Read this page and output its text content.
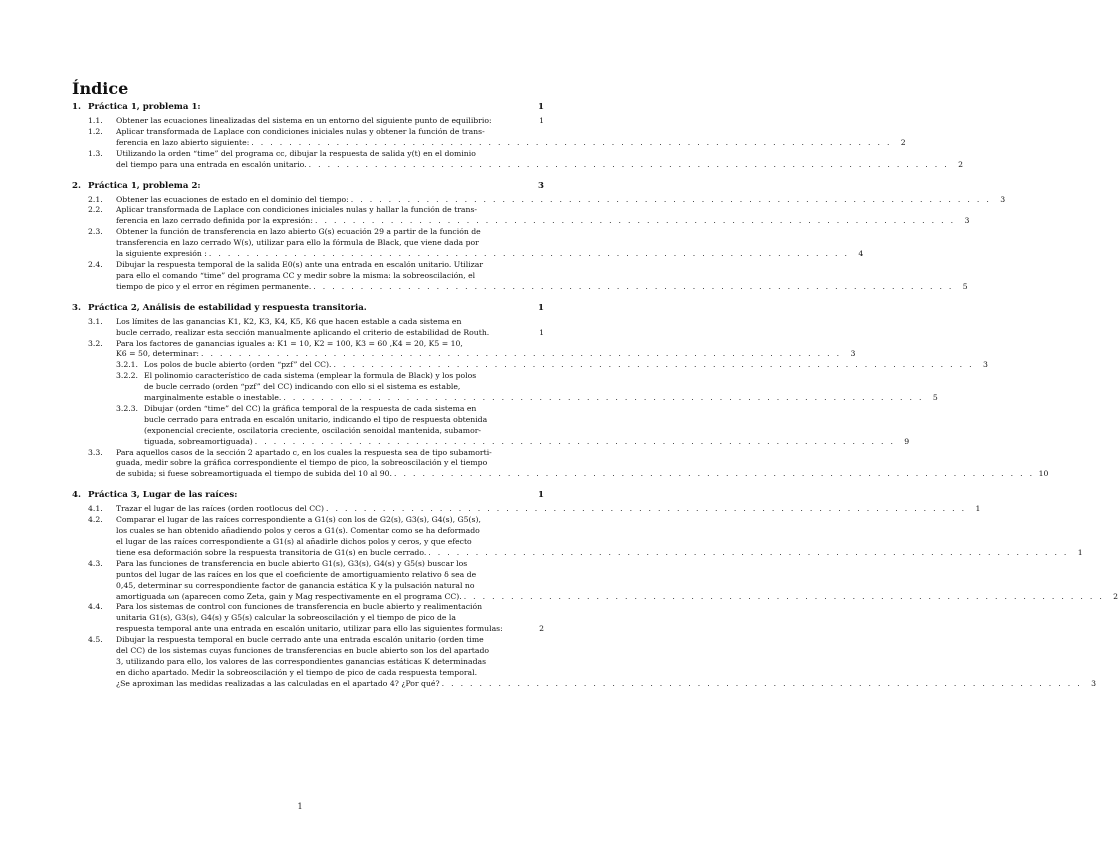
Índice
1. Práctica 1, problema 1:	1
1.1.	Obtener las ecuaciones linealizadas del sistema en un entorno del siguiente punto de equilibrio:	1
1.2.	Aplicar transformada de Laplace con condiciones iniciales nulas y obtener la función de trans-
ferencia en lazo abierto siguiente: . . . . . . . . . . . . . . . . . . . . . . . . . . . . . . . . . . . . . . . . . . . . . . . . . . . . . . . . . . . . . . . . . . . .	2
1.3.	Utilizando la orden “time” del programa cc, dibujar la respuesta de salida y(t) en el dominio
del tiempo para una entrada en escalón unitario. . . . . . . . . . . . . . . . . . . . . . . . . . . . . . . . . . . . . . . . . . . . . . . . . . . . . . . . . . . . . . . . . . . . .	2
2. Práctica 1, problema 2:	3
2.1.	Obtener las ecuaciones de estado en el dominio del tiempo: . . . . . . . . . . . . . . . . . . . . . . . . . . . . . . . . . . . . . . . . . . . . . . . . . . . . . . . . . . . . . . . . . . . .	3
2.2.	Aplicar transformada de Laplace con condiciones iniciales nulas y hallar la función de trans-
ferencia en lazo cerrado definida por la expresión: . . . . . . . . . . . . . . . . . . . . . . . . . . . . . . . . . . . . . . . . . . . . . . . . . . . . . . . . . . . . . . . . . . . .	3
2.3.	Obtener la función de transferencia en lazo abierto G(s) ecuación 29 a partir de la función de
transferencia en lazo cerrado W(s), utilizar para ello la fórmula de Black, que viene dada por
la siguiente expresión : . . . . . . . . . . . . . . . . . . . . . . . . . . . . . . . . . . . . . . . . . . . . . . . . . . . . . . . . . . . . . . . . . . . .	4
2.4.	Dibujar la respuesta temporal de la salida E0(s) ante una entrada en escalón unitario. Utilizar
para ello el comando “time” del programa CC y medir sobre la misma: la sobreoscilación, el
tiempo de pico y el error en régimen permanente. . . . . . . . . . . . . . . . . . . . . . . . . . . . . . . . . . . . . . . . . . . . . . . . . . . . . . . . . . . . . . . . . . . . .	5
3. Práctica 2, Análisis de estabilidad y respuesta transitoria.	1
3.1.	Los límites de las ganancias K1, K2, K3, K4, K5, K6 que hacen estable a cada sistema en
bucle cerrado, realizar esta sección manualmente aplicando el criterio de estabilidad de Routh.	1
3.2.	Para los factores de ganancias iguales a: K1 = 10, K2 = 100, K3 = 60 ,K4 = 20, K5 = 10,
K6 = 50, determinar: . . . . . . . . . . . . . . . . . . . . . . . . . . . . . . . . . . . . . . . . . . . . . . . . . . . . . . . . . . . . . . . . . . . .	3
3.2.1. Los polos de bucle abierto (orden “pzf” del CC). . . . . . . . . . . . . . . . . . . . . . . . . . . . . . . . . . . . . . . . . . . . . . . . . . . . . . . . . . . . . . . . . . . . .	3
3.2.2. El polinomio característico de cada sistema (emplear la formula de Black) y los polos
de bucle cerrado (orden “pzf” del CC) indicando con ello si el sistema es estable,
marginalmente estable o inestable. . . . . . . . . . . . . . . . . . . . . . . . . . . . . . . . . . . . . . . . . . . . . . . . . . . . . . . . . . . . . . . . . . . . .	5
3.2.3. Dibujar (orden “time” del CC) la gráfica temporal de la respuesta de cada sistema en
bucle cerrado para entrada en escalón unitario, indicando el tipo de respuesta obtenida
(exponencial creciente, oscilatoria creciente, oscilación senoidal mantenida, subamor-
tiguada, sobreamortiguada) . . . . . . . . . . . . . . . . . . . . . . . . . . . . . . . . . . . . . . . . . . . . . . . . . . . . . . . . . . . . . . . . . . . .	9
3.3.	Para aquellos casos de la sección 2 apartado c, en los cuales la respuesta sea de tipo subamorti-
guada, medir sobre la gráfica correspondiente el tiempo de pico, la sobreoscilación y el tiempo
de subida; si fuese sobreamortiguada el tiempo de subida del 10 al 90. . . . . . . . . . . . . . . . . . . . . . . . . . . . . . . . . . . . . . . . . . . . . . . . . . . . . . . . . . . . . . . . . . . . . 10
4. Práctica 3, Lugar de las raíces:	1
4.1.	Trazar el lugar de las raíces (orden rootlocus del CC) . . . . . . . . . . . . . . . . . . . . . . . . . . . . . . . . . . . . . . . . . . . . . . . . . . . . . . . . . . . . . . . . . . . .	1
4.2.	Comparar el lugar de las raíces correspondiente a G1(s) con los de G2(s), G3(s), G4(s), G5(s),
los cuales se han obtenido añadiendo polos y ceros a G1(s). Comentar como se ha deformado
el lugar de las raíces correspondiente a G1(s) al añadirle dichos polos y ceros, y que efecto
tiene esa deformación sobre la respuesta transitoria de G1(s) en bucle cerrado. . . . . . . . . . . . . . . . . . . . . . . . . . . . . . . . . . . . . . . . . . . . . . . . . . . . . . . . . . . . . . . . . . . . .	1
4.3.	Para las funciones de transferencia en bucle abierto G1(s), G3(s), G4(s) y G5(s) buscar los
puntos del lugar de las raíces en los que el coeficiente de amortiguamiento relativo δ sea de
0,45, determinar su correspondiente factor de ganancia estática K y la pulsación natural no
amortiguada ωn (aparecen como Zeta, gain y Mag respectivamente en el programa CC). . . . . . . . . . . . . . . . . . . . . . . . . . . . . . . . . . . . . . . . . . . . . . . . . . . . . . . . . . . . . . . . . . . . .	2
4.4.	Para los sistemas de control con funciones de transferencia en bucle abierto y realimentación
unitaria G1(s), G3(s), G4(s) y G5(s) calcular la sobreoscilación y el tiempo de pico de la
respuesta temporal ante una entrada en escalón unitario, utilizar para ello las siguientes formulas:	2
4.5.	Dibujar la respuesta temporal en bucle cerrado ante una entrada escalón unitario (orden time
del CC) de los sistemas cuyas funciones de transferencias en bucle abierto son los del apartado
3, utilizando para ello, los valores de las correspondientes ganancias estáticas K determinadas
en dicho apartado. Medir la sobreoscilación y el tiempo de pico de cada respuesta temporal.
¿Se aproximan las medidas realizadas a las calculadas en el apartado 4? ¿Por qué? . . . . . . . . . . . . . . . . . . . . . . . . . . . . . . . . . . . . . . . . . . . . . . . . . . . . . . . . . . . . . . . . . . . .	3
1
